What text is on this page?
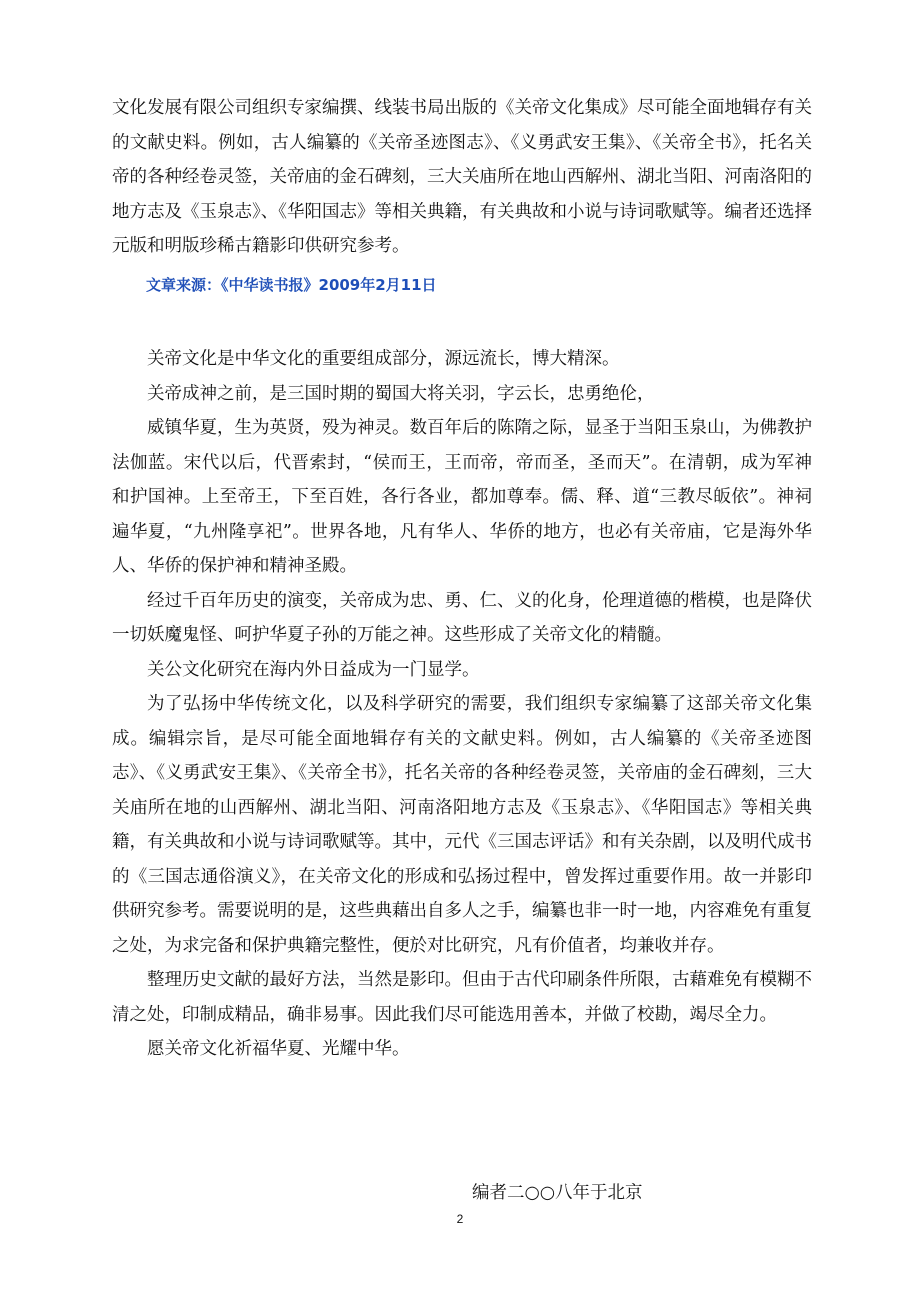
文化发展有限公司组织专家编撰、线装书局出版的《关帝文化集成》尽可能全面地辑存有关的文献史料。例如，古人编纂的《关帝圣迹图志》、《义勇武安王集》、《关帝全书》，托名关帝的各种经卷灵签，关帝庙的金石碑刻，三大关庙所在地山西解州、湖北当阳、河南洛阳的地方志及《玉泉志》、《华阳国志》等相关典籍，有关典故和小说与诗词歌赋等。编者还选择元版和明版珍稀古籍影印供研究参考。

文章来源：《中华读书报》2009年2月11日

关帝文化是中华文化的重要组成部分，源远流长，博大精深。

关帝成神之前，是三国时期的蜀国大将关羽，字云长，忠勇绝伦，

威镇华夏，生为英贤，殁为神灵。数百年后的陈隋之际，显圣于当阳玉泉山，为佛教护法伽蓝。宋代以后，代晋索封，“侯而王，王而帝，帝而圣，圣而天”。在清朝，成为军神和护国神。上至帝王，下至百姓，各行各业，都加尊奉。儒、释、道“三教尽皈依”。神祠遍华夏，“九州隆享祀”。世界各地，凡有华人、华侨的地方，也必有关帝庙，它是海外华人、华侨的保护神和精神圣殿。

经过千百年历史的演变，关帝成为忠、勇、仁、义的化身，伦理道德的楷模，也是降伏一切妖魔鬼怪、呵护华夏子孙的万能之神。这些形成了关帝文化的精髓。

关公文化研究在海内外日益成为一门显学。

为了弘扬中华传统文化，以及科学研究的需要，我们组织专家编纂了这部关帝文化集成。编辑宗旨，是尽可能全面地辑存有关的文献史料。例如，古人编纂的《关帝圣迹图志》、《义勇武安王集》、《关帝全书》，托名关帝的各种经卷灵签，关帝庙的金石碑刻，三大关庙所在地的山西解州、湖北当阳、河南洛阳地方志及《玉泉志》、《华阳国志》等相关典籍，有关典故和小说与诗词歌赋等。其中，元代《三国志评话》和有关杂剧，以及明代成书的《三国志通俗演义》，在关帝文化的形成和弘扬过程中，曾发挥过重要作用。故一并影印供研究参考。需要说明的是，这些典藉出自多人之手，编纂也非一时一地，内容难免有重复之处，为求完备和保护典籍完整性，便於对比研究，凡有价值者，均兼收并存。

整理历史文献的最好方法，当然是影印。但由于古代印刷条件所限，古藉难免有模糊不清之处，印制成精品，确非易事。因此我们尽可能选用善本，并做了校勘，竭尽全力。

愿关帝文化祈福华夏、光耀中华。

编者二○○八年于北京
2
